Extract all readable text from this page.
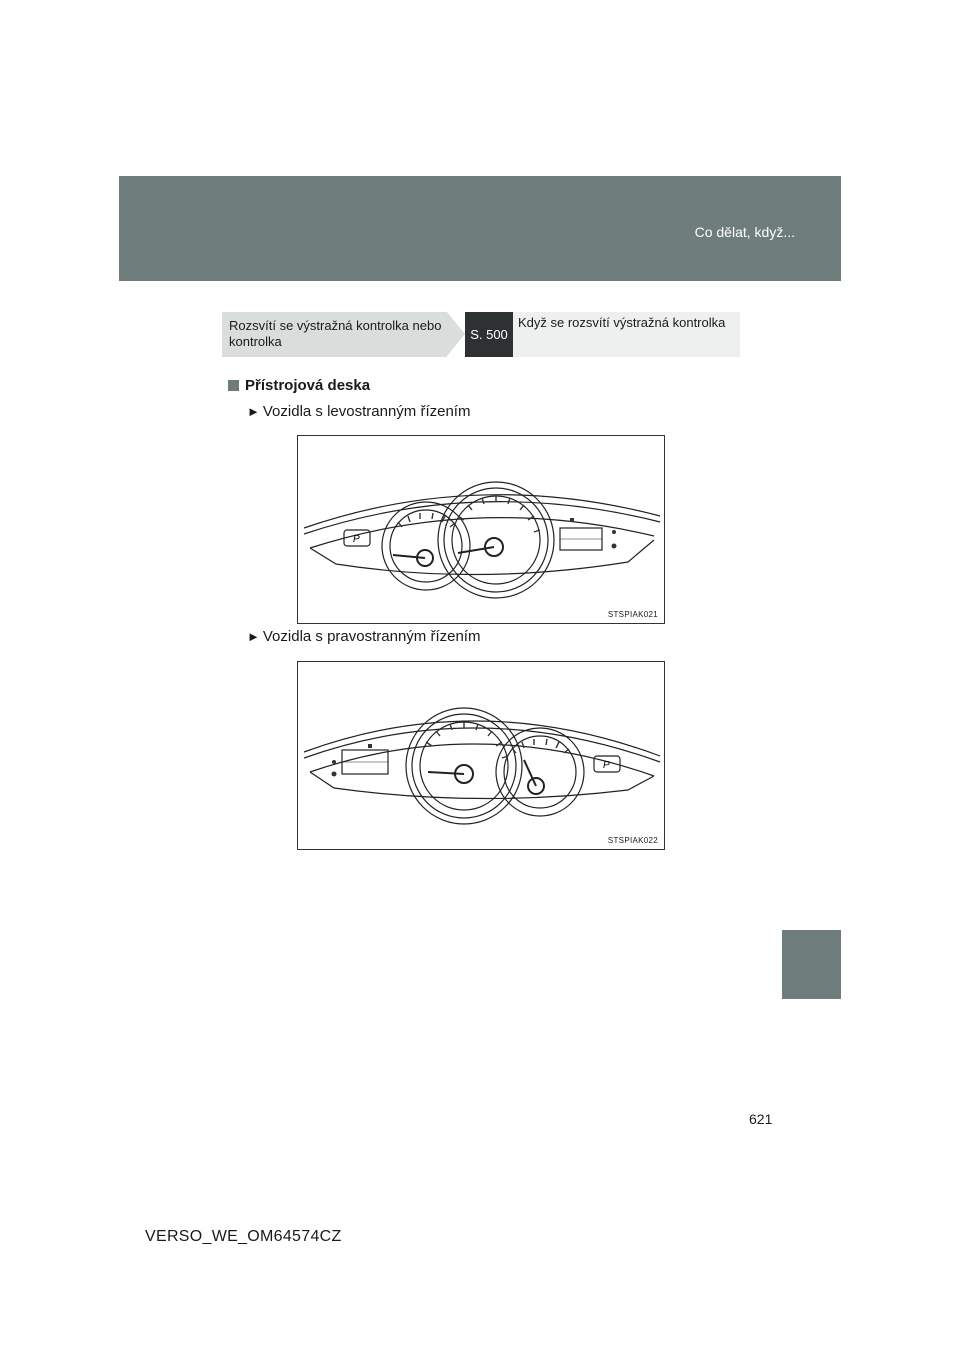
Co dělat, když...
Rozsvítí se výstražná kontrolka nebo kontrolka	S. 500
Když se rozsvítí výstražná kontrolka
Přístrojová deska
► Vozidla s levostranným řízením
P
STSPIAK021
► Vozidla s pravostranným řízením
P
STSPIAK022
621
VERSO_WE_OM64574CZ
